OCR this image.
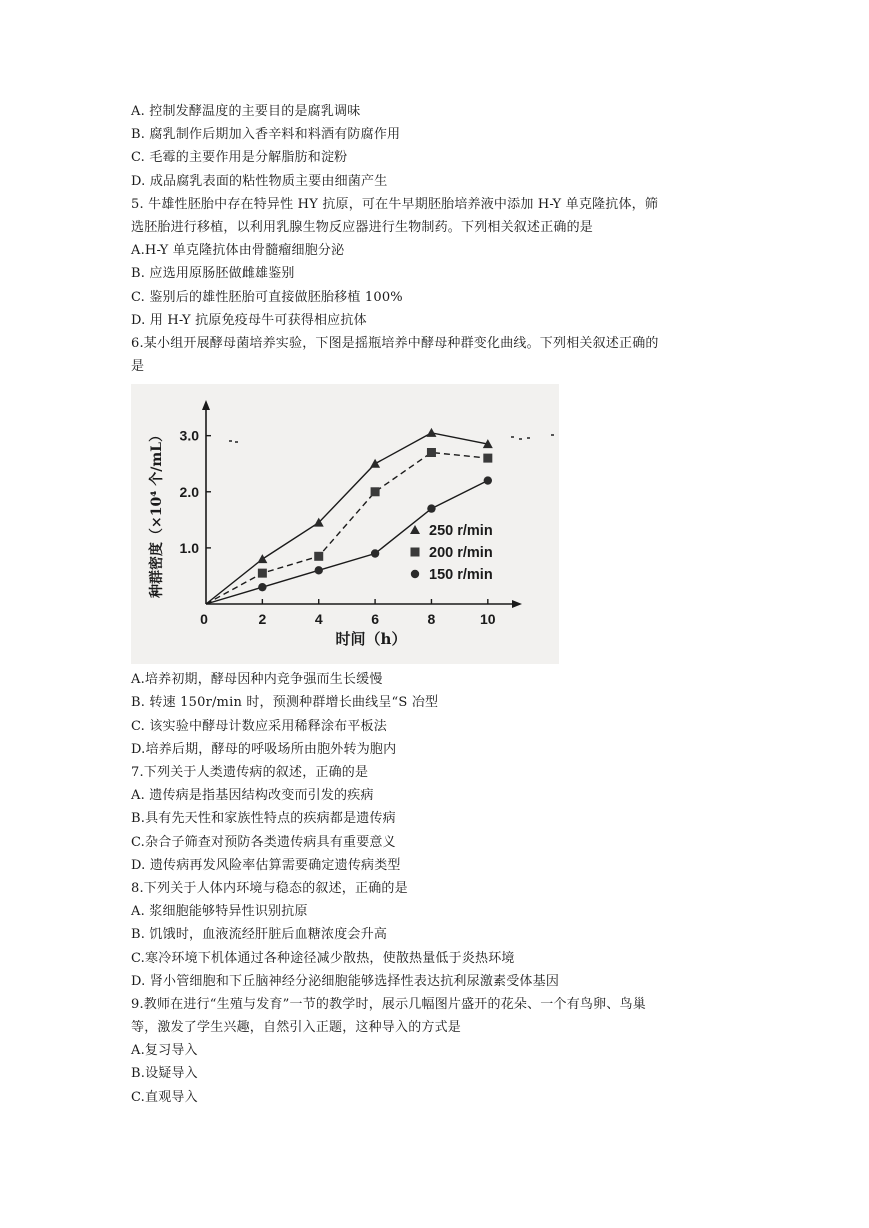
A. 控制发酵温度的主要目的是腐乳调味
B. 腐乳制作后期加入香辛料和料酒有防腐作用
C. 毛霉的主要作用是分解脂肪和淀粉
D. 成品腐乳表面的粘性物质主要由细菌产生
5. 牛雄性胚胎中存在特异性 HY 抗原，可在牛早期胚胎培养液中添加 H-Y 单克隆抗体，筛
选胚胎进行移植，以利用乳腺生物反应器进行生物制药。下列相关叙述正确的是
A.H-Y 单克隆抗体由骨髓瘤细胞分泌
B. 应选用原肠胚做雌雄鉴别
C. 鉴别后的雄性胚胎可直接做胚胎移植 100%
D. 用 H-Y 抗原免疫母牛可获得相应抗体
6.某小组开展酵母菌培养实验，下图是摇瓶培养中酵母种群变化曲线。下列相关叙述正确的
是
0	2	4	6	8	10
1.0
2.0
3.0
时间（h）
种群密度（×10⁴ 个/mL）	250 r/min
200 r/min
150 r/min
A.培养初期，酵母因种内竞争强而生长缓慢
B. 转速 150r/min 时，预测种群增长曲线呈“S 冶型
C. 该实验中酵母计数应采用稀释涂布平板法
D.培养后期，酵母的呼吸场所由胞外转为胞内
7.下列关于人类遗传病的叙述，正确的是
A. 遗传病是指基因结构改变而引发的疾病
B.具有先天性和家族性特点的疾病都是遗传病
C.杂合子筛查对预防各类遗传病具有重要意义
D. 遗传病再发风险率估算需要确定遗传病类型
8.下列关于人体内环境与稳态的叙述，正确的是
A. 浆细胞能够特异性识别抗原
B. 饥饿时，血液流经肝脏后血糖浓度会升高
C.寒冷环境下机体通过各种途径减少散热，使散热量低于炎热环境
D. 肾小管细胞和下丘脑神经分泌细胞能够选择性表达抗利尿激素受体基因
9.教师在进行“生殖与发育”一节的教学时，展示几幅图片盛开的花朵、一个有鸟卵、鸟巢
等，激发了学生兴趣，自然引入正题，这种导入的方式是
A.复习导入
B.设疑导入
C.直观导入
